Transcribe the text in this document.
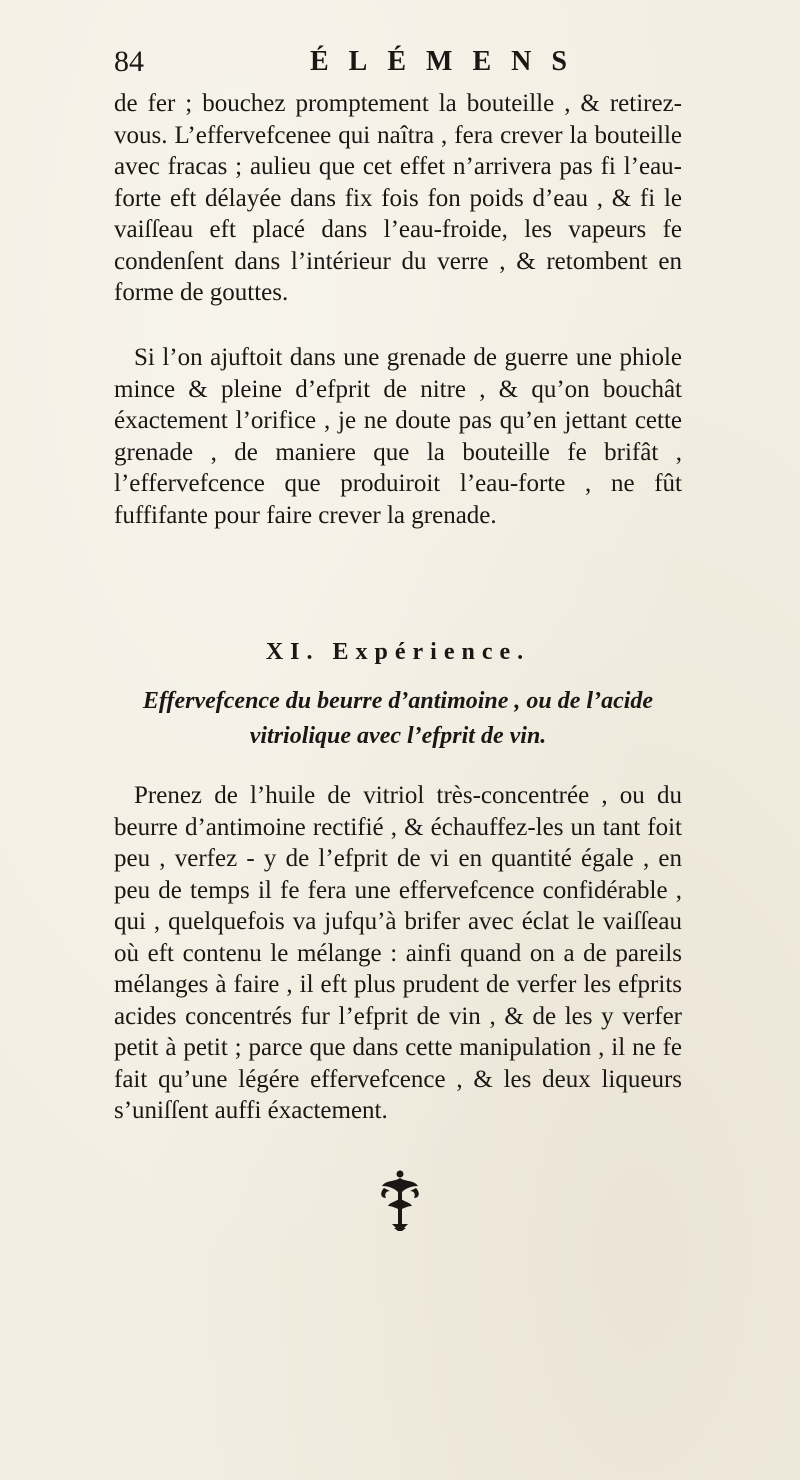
84	ÉLÉMENS

de fer ; bouchez promptement la bouteille , & retirez-vous. L’effervefcenee qui naîtra , fera crever la bouteille avec fracas ; aulieu que cet effet n’arrivera pas fi l’eau-forte eft délayée dans fix fois fon poids d’eau , & fi le vaiſſeau eft placé dans l’eau-froide, les vapeurs fe condenſent dans l’intérieur du verre , & retombent en forme de gouttes.

Si l’on ajuftoit dans une grenade de guerre une phiole mince & pleine d’efprit de nitre , & qu’on bouchât éxactement l’orifice , je ne doute pas qu’en jettant cette grenade , de maniere que la bouteille fe brifât , l’effervefcence que produiroit l’eau-forte , ne fût fuffifante pour faire crever la grenade.

XI. Expérience.
Effervefcence du beurre d’antimoine , ou de l’acide vitriolique avec l’efprit de vin.

Prenez de l’huile de vitriol très-concentrée , ou du beurre d’antimoine rectifié , & échauffez-les un tant foit peu , verfez - y de l’efprit de vi en quantité égale , en peu de temps il fe fera une effervefcence confidérable , qui , quelquefois va jufqu’à brifer avec éclat le vaiſſeau où eft contenu le mélange : ainfi quand on a de pareils mélanges à faire , il eft plus prudent de verfer les efprits acides concentrés fur l’efprit de vin , & de les y verfer petit à petit ; parce que dans cette manipulation , il ne fe fait qu’une légére effervefcence , & les deux liqueurs s’uniſſent auffi éxactement.
